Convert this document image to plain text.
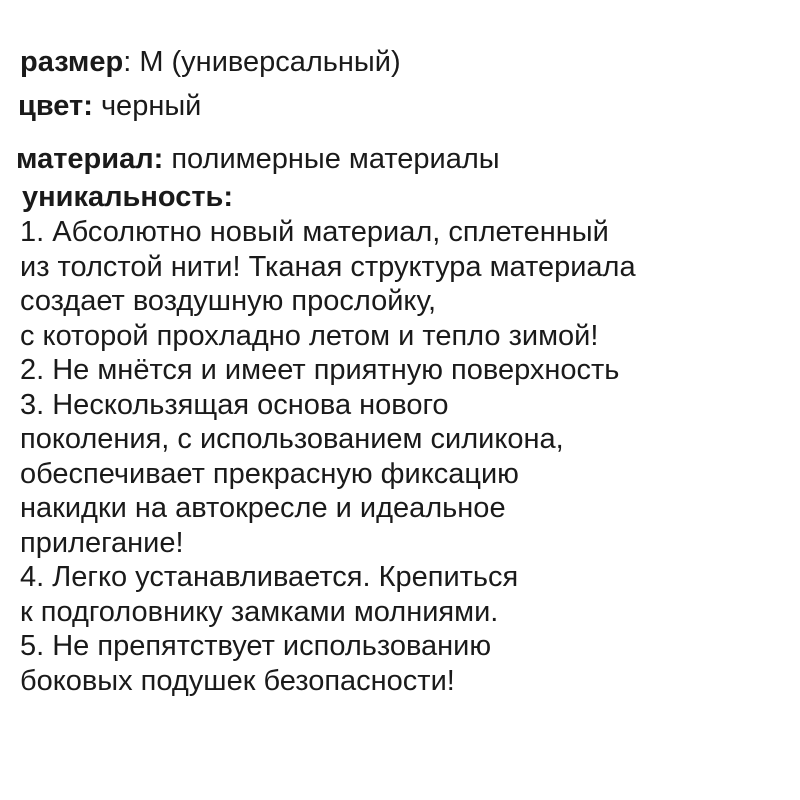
размер: M (универсальный)

цвет: черный

материал: полимерные материалы

уникальность:

1. Абсолютно новый материал, сплетенный
из толстой нити! Тканая структура материала
создает воздушную прослойку,
с которой прохладно летом и тепло зимой!
2. Не мнётся и имеет приятную поверхность
3. Нескользящая основа нового
поколения, с использованием силикона,
обеспечивает прекрасную фиксацию
накидки на автокресле и идеальное
прилегание!
4. Легко устанавливается. Крепиться
к подголовнику замками молниями.
5. Не препятствует использованию
боковых подушек безопасности!
